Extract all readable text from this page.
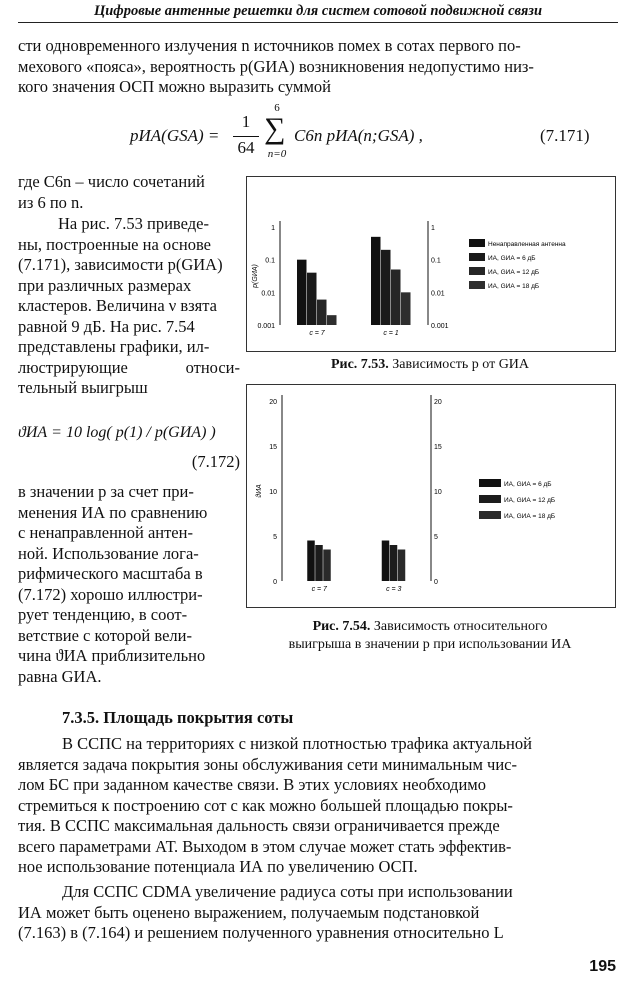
Цифровые антенные решетки для систем сотовой подвижной связи
сти одновременного излучения n источников помех в сотах первого по-
мехового «пояса», вероятность p(GИА) возникновения недопустимо низ-
кого значения ОСП можно выразить суммой
pИА(GSA) =
1
64
6
∑
n=0
C6n pИА(n;GSA) ,	(7.171)
где C6n – число сочетаний
из 6 по n.
На рис. 7.53 приведе-
ны, построенные на основе
(7.171), зависимости p(GИА)
при различных размерах
кластеров. Величина ν взята
равной 9 дБ. На рис. 7.54
представлены графики, ил-
люстрирующие относи-
тельный выигрыш
ϑИА = 10 log( p(1) / p(GИА) )
(7.172)
в значении p за счет при-
менения ИА по сравнению
с ненаправленной антен-
ной. Использование лога-
рифмического масштаба в
(7.172) хорошо иллюстри-
рует тенденцию, в соот-
ветствие с которой вели-
чина ϑИА приблизительно
равна GИА.
1	1
0.1	0.1
0.01	0.01
0.001	0.001
p(GИА)
c = 7	c = 1
Ненаправленная антенна
ИА, GИА = 6 дБ
ИА, GИА = 12 дБ
ИА, GИА = 18 дБ
Рис. 7.53. Зависимость p от GИА
20	20
15	15
10	10
5	5
0	0
ϑИА
c = 7	c = 3
ИА, GИА = 6 дБ
ИА, GИА = 12 дБ
ИА, GИА = 18 дБ
Рис. 7.54. Зависимость относительного
выигрыша в значении p при использовании ИА
7.3.5. Площадь покрытия соты
В ССПС на территориях с низкой плотностью трафика актуальной
является задача покрытия зоны обслуживания сети минимальным чис-
лом БС при заданном качестве связи. В этих условиях необходимо
стремиться к построению сот с как можно большей площадью покры-
тия. В ССПС максимальная дальность связи ограничивается прежде
всего параметрами АТ. Выходом в этом случае может стать эффектив-
ное использование потенциала ИА по увеличению ОСП.
Для ССПС CDMA увеличение радиуса соты при использовании
ИА может быть оценено выражением, получаемым подстановкой
(7.163) в (7.164) и решением полученного уравнения относительно L
195
